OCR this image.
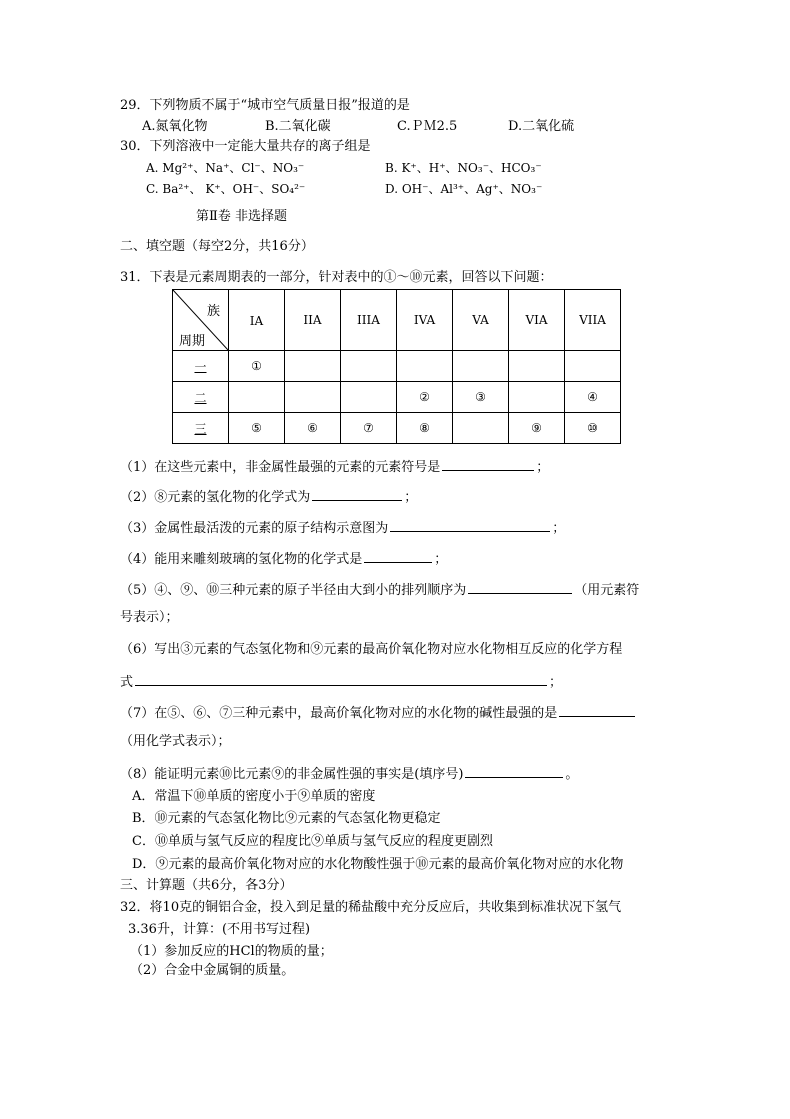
29．下列物质不属于“城市空气质量日报”报道的是
A.氮氧化物	B.二氧化碳	C.ＰＭ2.5	D.二氧化硫
30．下列溶液中一定能大量共存的离子组是
A. Mg²⁺、Na⁺、Cl⁻、NO₃⁻	B. K⁺、H⁺、NO₃⁻、HCO₃⁻
C. Ba²⁺、 K⁺、OH⁻、SO₄²⁻	D. OH⁻、Al³⁺、Ag⁺、NO₃⁻
第Ⅱ卷 非选择题
二、填空题（每空2分，共16分）
31．下表是元素周期表的一部分，针对表中的①～⑩元素，回答以下问题：
族
周期	IA	IIA	IIIA	IVA	VA	VIA	VIIA
一	①						
二				②	③		④
三	⑤	⑥	⑦	⑧		⑨	⑩
（1）在这些元素中，非金属性最强的元素的元素符号是	；
（2）⑧元素的氢化物的化学式为	；
（3）金属性最活泼的元素的原子结构示意图为	；
（4）能用来雕刻玻璃的氢化物的化学式是	；
（5）④、⑨、⑩三种元素的原子半径由大到小的排列顺序为	（用元素符
号表示）；
（6）写出③元素的气态氢化物和⑨元素的最高价氧化物对应水化物相互反应的化学方程
式	；
（7）在⑤、⑥、⑦三种元素中，最高价氧化物对应的水化物的碱性最强的是
（用化学式表示）；
（8）能证明元素⑩比元素⑨的非金属性强的事实是(填序号)	。
A．常温下⑩单质的密度小于⑨单质的密度
B．⑩元素的气态氢化物比⑨元素的气态氢化物更稳定
C．⑩单质与氢气反应的程度比⑨单质与氢气反应的程度更剧烈
D．⑨元素的最高价氧化物对应的水化物酸性强于⑩元素的最高价氧化物对应的水化物
三、计算题（共6分，各3分）
32．将10克的铜铝合金，投入到足量的稀盐酸中充分反应后，共收集到标准状况下氢气
3.36升，计算：(不用书写过程)
（1）参加反应的HCl的物质的量；
（2）合金中金属铜的质量。
